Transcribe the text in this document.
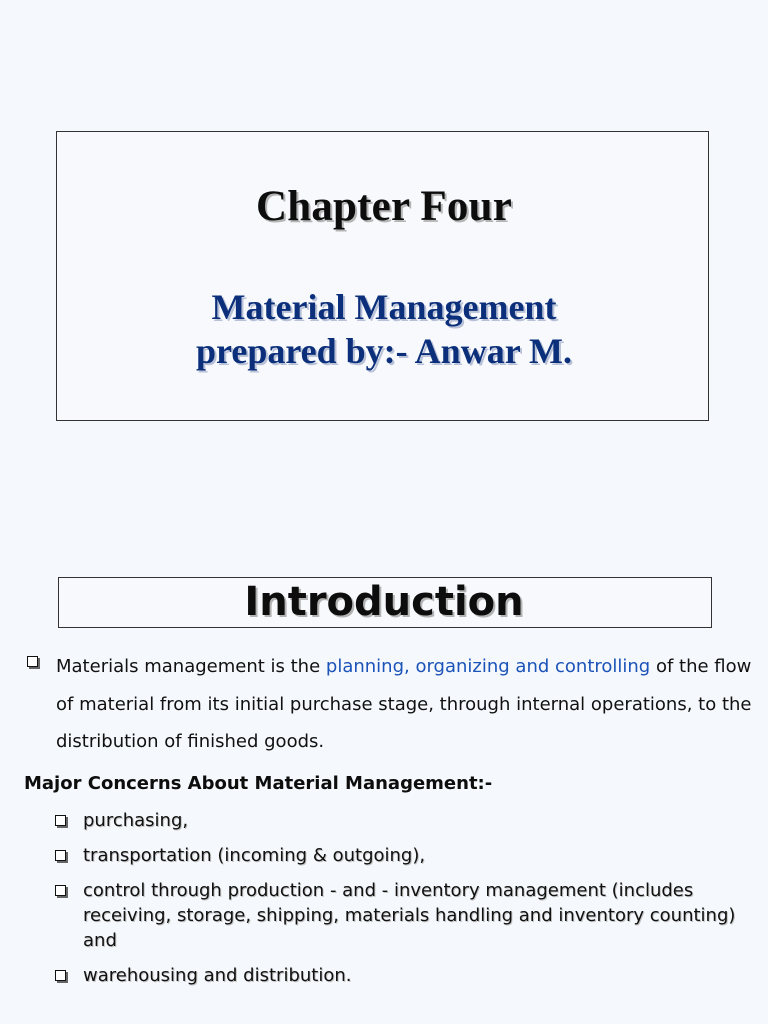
Chapter Four
Material Management
prepared by:- Anwar M.
Introduction
Materials management is the planning, organizing and controlling of the flow of material from its initial purchase stage, through internal operations, to the distribution of finished goods.
Major Concerns About Material Management:-
purchasing,
transportation (incoming & outgoing),
control through production - and - inventory management (includes receiving, storage, shipping, materials handling and inventory counting) and
warehousing and distribution.
